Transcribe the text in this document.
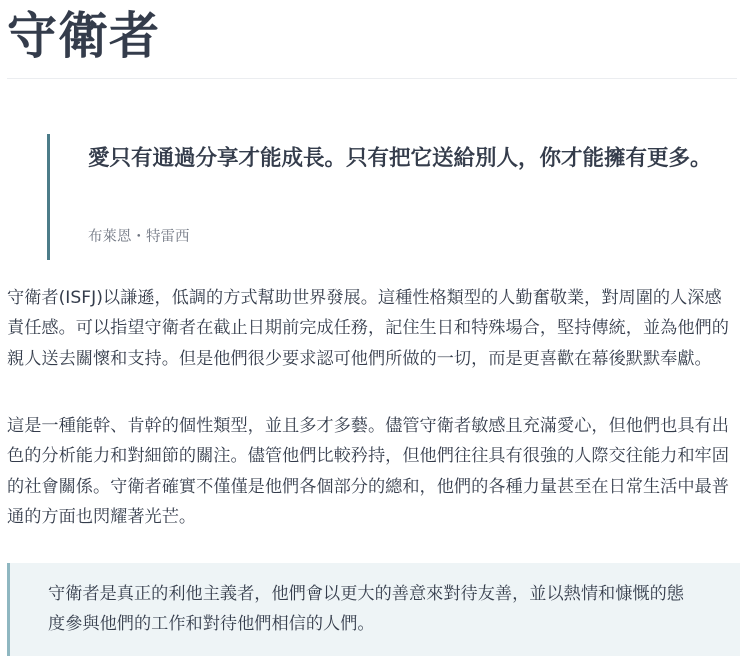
守衛者

愛只有通過分享才能成長。只有把它送給別人，你才能擁有更多。

布萊恩・特雷西

守衛者(ISFJ)以謙遜，低調的方式幫助世界發展。這種性格類型的人勤奮敬業，對周圍的人深感責任感。可以指望守衛者在截止日期前完成任務，記住生日和特殊場合，堅持傳統，並為他們的親人送去關懷和支持。但是他們很少要求認可他們所做的一切，而是更喜歡在幕後默默奉獻。

這是一種能幹、肯幹的個性類型，並且多才多藝。儘管守衛者敏感且充滿愛心，但他們也具有出色的分析能力和對細節的關注。儘管他們比較矜持，但他們往往具有很強的人際交往能力和牢固的社會關係。守衛者確實不僅僅是他們各個部分的總和，他們的各種力量甚至在日常生活中最普通的方面也閃耀著光芒。

守衛者是真正的利他主義者，他們會以更大的善意來對待友善，並以熱情和慷慨的態度參與他們的工作和對待他們相信的人們。
